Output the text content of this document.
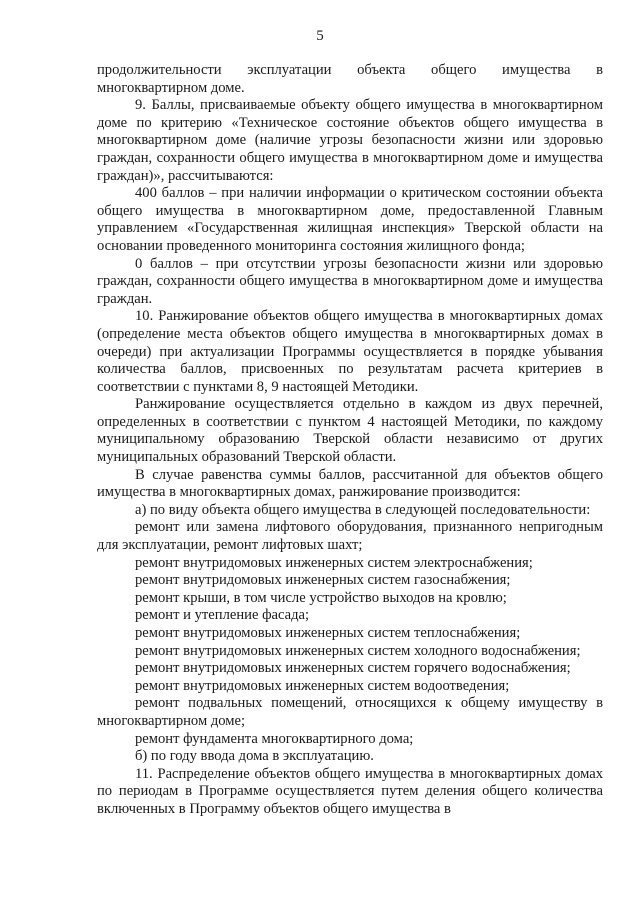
5

продолжительности эксплуатации объекта общего имущества в многоквартирном доме.

9. Баллы, присваиваемые объекту общего имущества в многоквартирном доме по критерию «Техническое состояние объектов общего имущества в многоквартирном доме (наличие угрозы безопасности жизни или здоровью граждан, сохранности общего имущества в многоквартирном доме и имущества граждан)», рассчитываются:

400 баллов – при наличии информации о критическом состоянии объекта общего имущества в многоквартирном доме, предоставленной Главным управлением «Государственная жилищная инспекция» Тверской области на основании проведенного мониторинга состояния жилищного фонда;

0 баллов – при отсутствии угрозы безопасности жизни или здоровью граждан, сохранности общего имущества в многоквартирном доме и имущества граждан.

10. Ранжирование объектов общего имущества в многоквартирных домах (определение места объектов общего имущества в многоквартирных домах в очереди) при актуализации Программы осуществляется в порядке убывания количества баллов, присвоенных по результатам расчета критериев в соответствии с пунктами 8, 9 настоящей Методики.

Ранжирование осуществляется отдельно в каждом из двух перечней, определенных в соответствии с пунктом 4 настоящей Методики, по каждому муниципальному образованию Тверской области независимо от других муниципальных образований Тверской области.

В случае равенства суммы баллов, рассчитанной для объектов общего имущества в многоквартирных домах, ранжирование производится:

а) по виду объекта общего имущества в следующей последовательности:

ремонт или замена лифтового оборудования, признанного непригодным для эксплуатации, ремонт лифтовых шахт;

ремонт внутридомовых инженерных систем электроснабжения;

ремонт внутридомовых инженерных систем газоснабжения;

ремонт крыши, в том числе устройство выходов на кровлю;

ремонт и утепление фасада;

ремонт внутридомовых инженерных систем теплоснабжения;

ремонт внутридомовых инженерных систем холодного водоснабжения;

ремонт внутридомовых инженерных систем горячего водоснабжения;

ремонт внутридомовых инженерных систем водоотведения;

ремонт подвальных помещений, относящихся к общему имуществу в многоквартирном доме;

ремонт фундамента многоквартирного дома;

б) по году ввода дома в эксплуатацию.

11. Распределение объектов общего имущества в многоквартирных домах по периодам в Программе осуществляется путем деления общего количества включенных в Программу объектов общего имущества в
